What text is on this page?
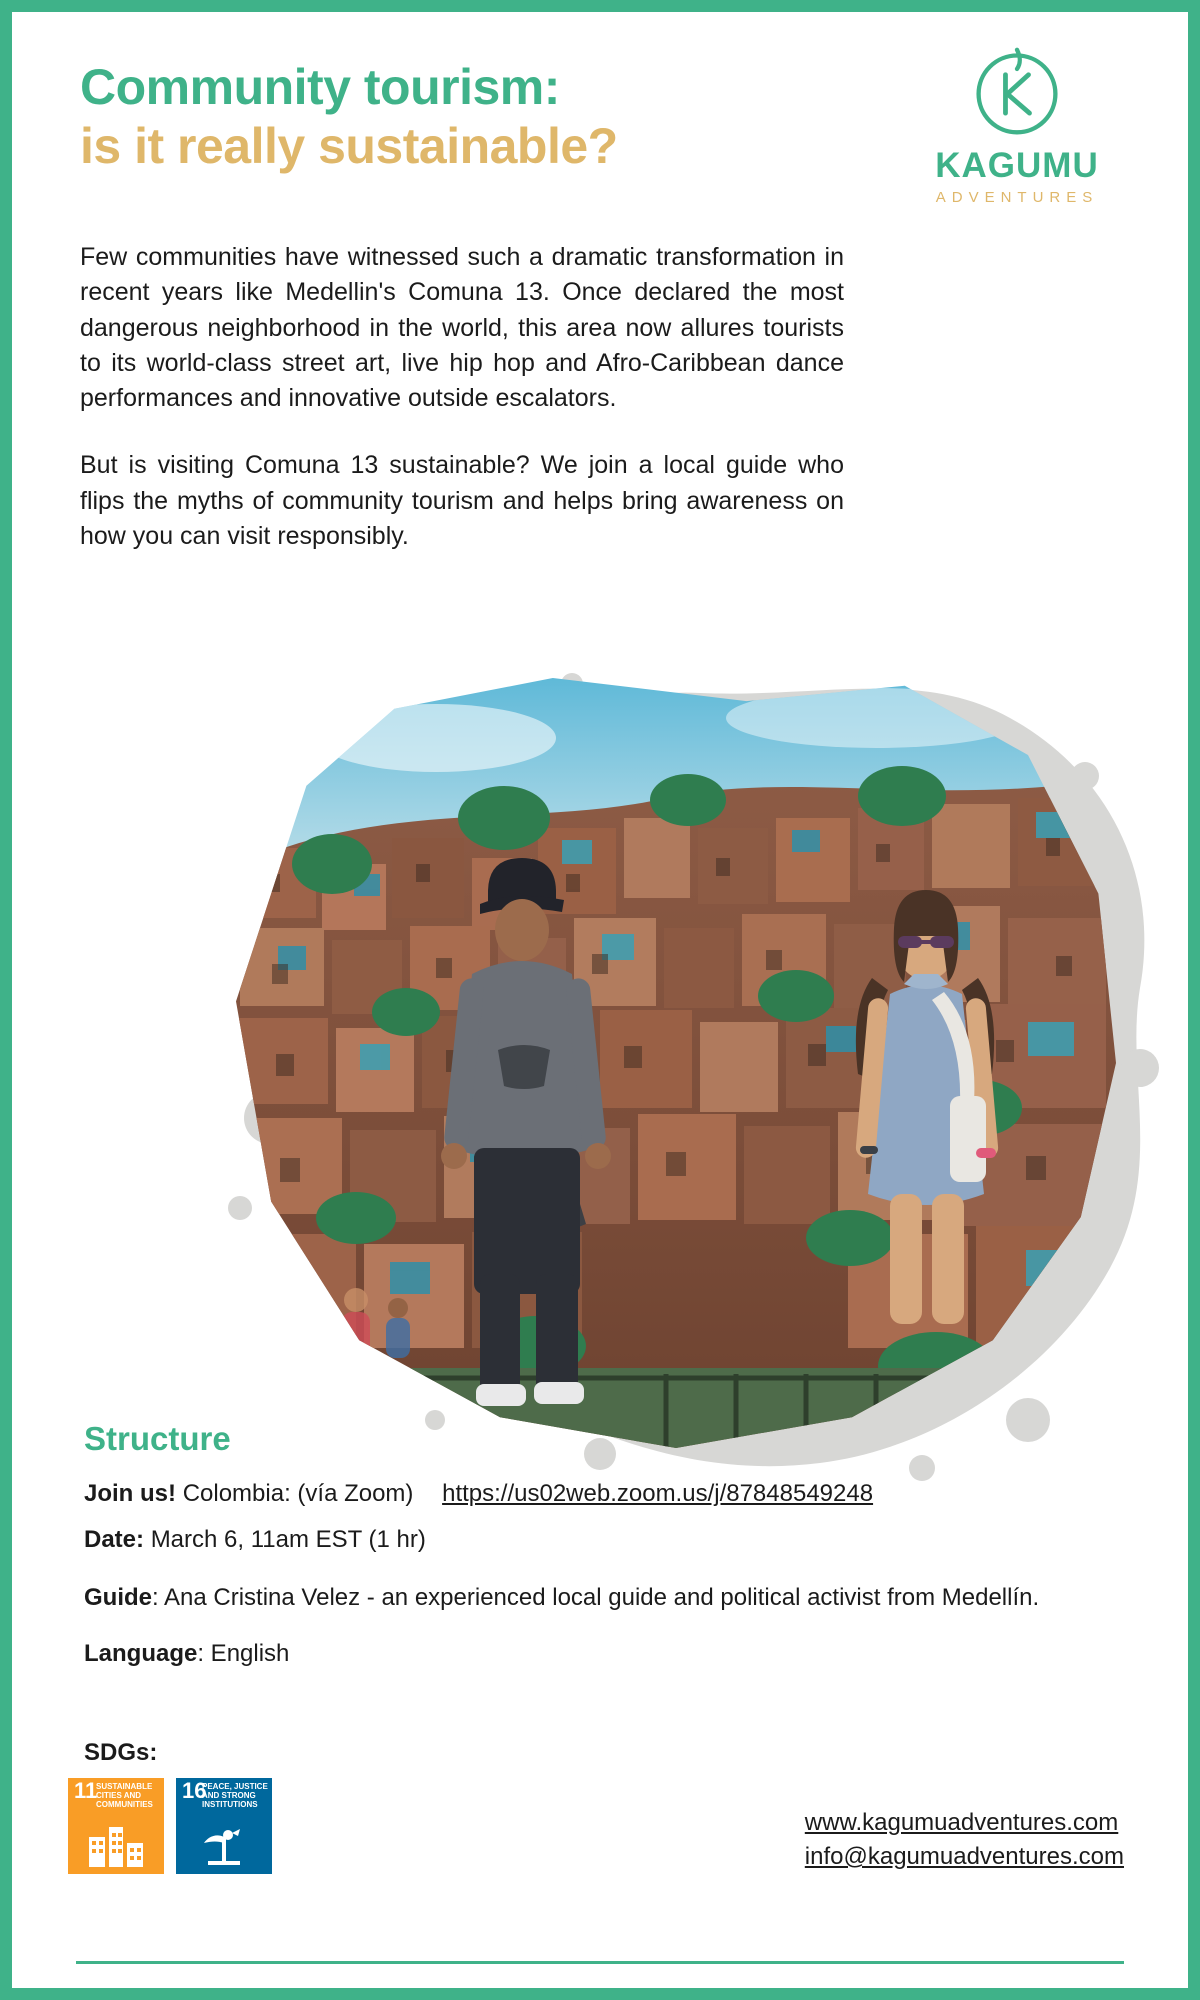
Community tourism:
is it really sustainable?	KAGUMU
ADVENTURES

Few communities have witnessed such a dramatic transformation in recent years like Medellin's Comuna 13. Once declared the most dangerous neighborhood in the world, this area now allures tourists to its world-class street art, live hip hop and Afro-Caribbean dance performances and innovative outside escalators.

But is visiting Comuna 13 sustainable? We join a local guide who flips the myths of community tourism and helps bring awareness on how you can visit responsibly.

Structure
Join us! Colombia: (vía Zoom) https://us02web.zoom.us/j/87848549248
Date: March 6, 11am EST (1 hr)
Guide: Ana Cristina Velez - an experienced local guide and political activist from Medellín.
Language: English
SDGs:
11
SUSTAINABLE CITIES AND COMMUNITIES
16
PEACE, JUSTICE AND STRONG INSTITUTIONS
www.kagumuadventures.com
info@kagumuadventures.com
